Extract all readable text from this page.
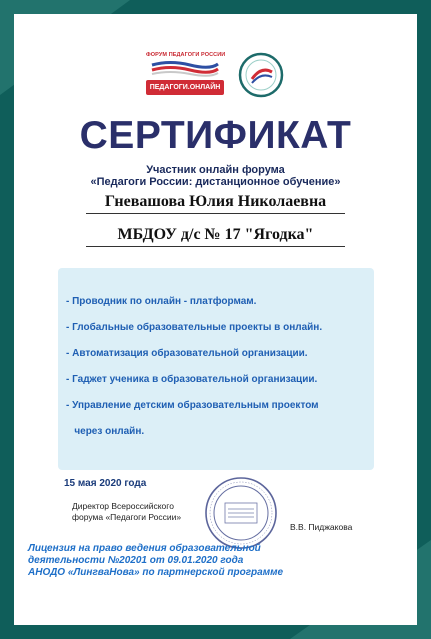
ФОРУМ ПЕДАГОГИ РОССИИ
ПЕДАГОГИ.ОНЛАЙН
СЕРТИФИКАТ
Участник онлайн форума
«Педагоги России: дистанционное обучение»
Гневашова Юлия Николаевна
МБДОУ д/с № 17 "Ягодка"
- Проводник по онлайн - платформам.
- Глобальные образовательные проекты в онлайн.
- Автоматизация образовательной организации.
- Гаджет ученика в образовательной организации.
- Управление детским образовательным проектом
через онлайн.
15 мая 2020 года
Директор Всероссийского
форума «Педагоги России»
В.В. Пиджакова
Лицензия на право ведения образовательной
деятельности №20201 от 09.01.2020 года
АНОДО «ЛингваНова» по партнерской программе
